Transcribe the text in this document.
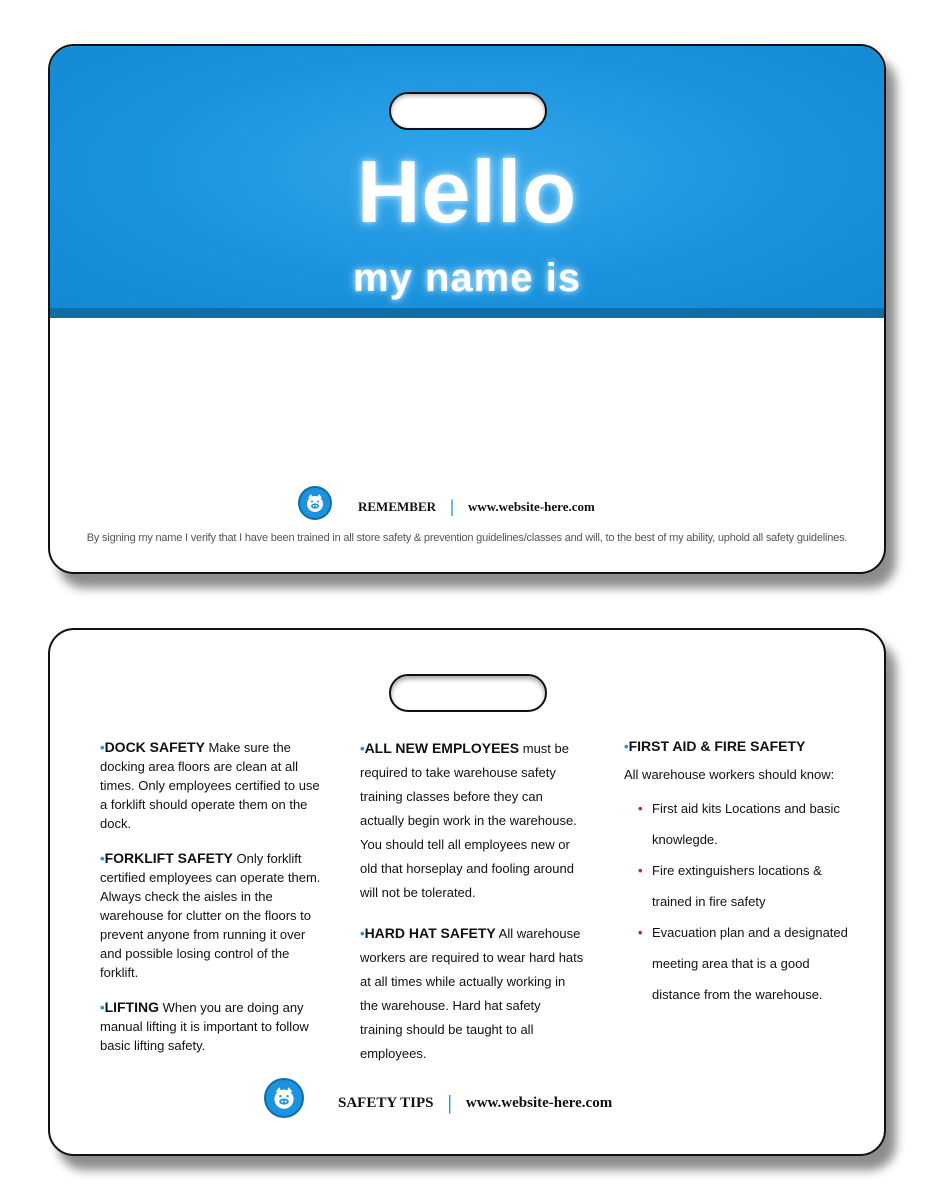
Hello
my name is
REMEMBER | www.website-here.com
By signing my name I verify that I have been trained in all store safety & prevention guidelines/classes and will, to the best of my ability, uphold all safety guidelines.

•DOCK SAFETY Make sure the docking area floors are clean at all times. Only employees certified to use a forklift should operate them on the dock.

•FORKLIFT SAFETY Only forklift certified employees can operate them. Always check the aisles in the warehouse for clutter on the floors to prevent anyone from running it over and possible losing control of the forklift.

•LIFTING When you are doing any manual lifting it is important to follow basic lifting safety.

•ALL NEW EMPLOYEES must be required to take warehouse safety training classes before they can actually begin work in the warehouse. You should tell all employees new or old that horseplay and fooling around will not be tolerated.

•HARD HAT SAFETY All warehouse workers are required to wear hard hats at all times while actually working in the warehouse. Hard hat safety training should be taught to all employees.

•FIRST AID & FIRE SAFETY

All warehouse workers should know:

• First aid kits Locations and basic knowlegde.
• Fire extinguishers locations & trained in fire safety
• Evacuation plan and a designated meeting area that is a good distance from the warehouse.
SAFETY TIPS | www.website-here.com
